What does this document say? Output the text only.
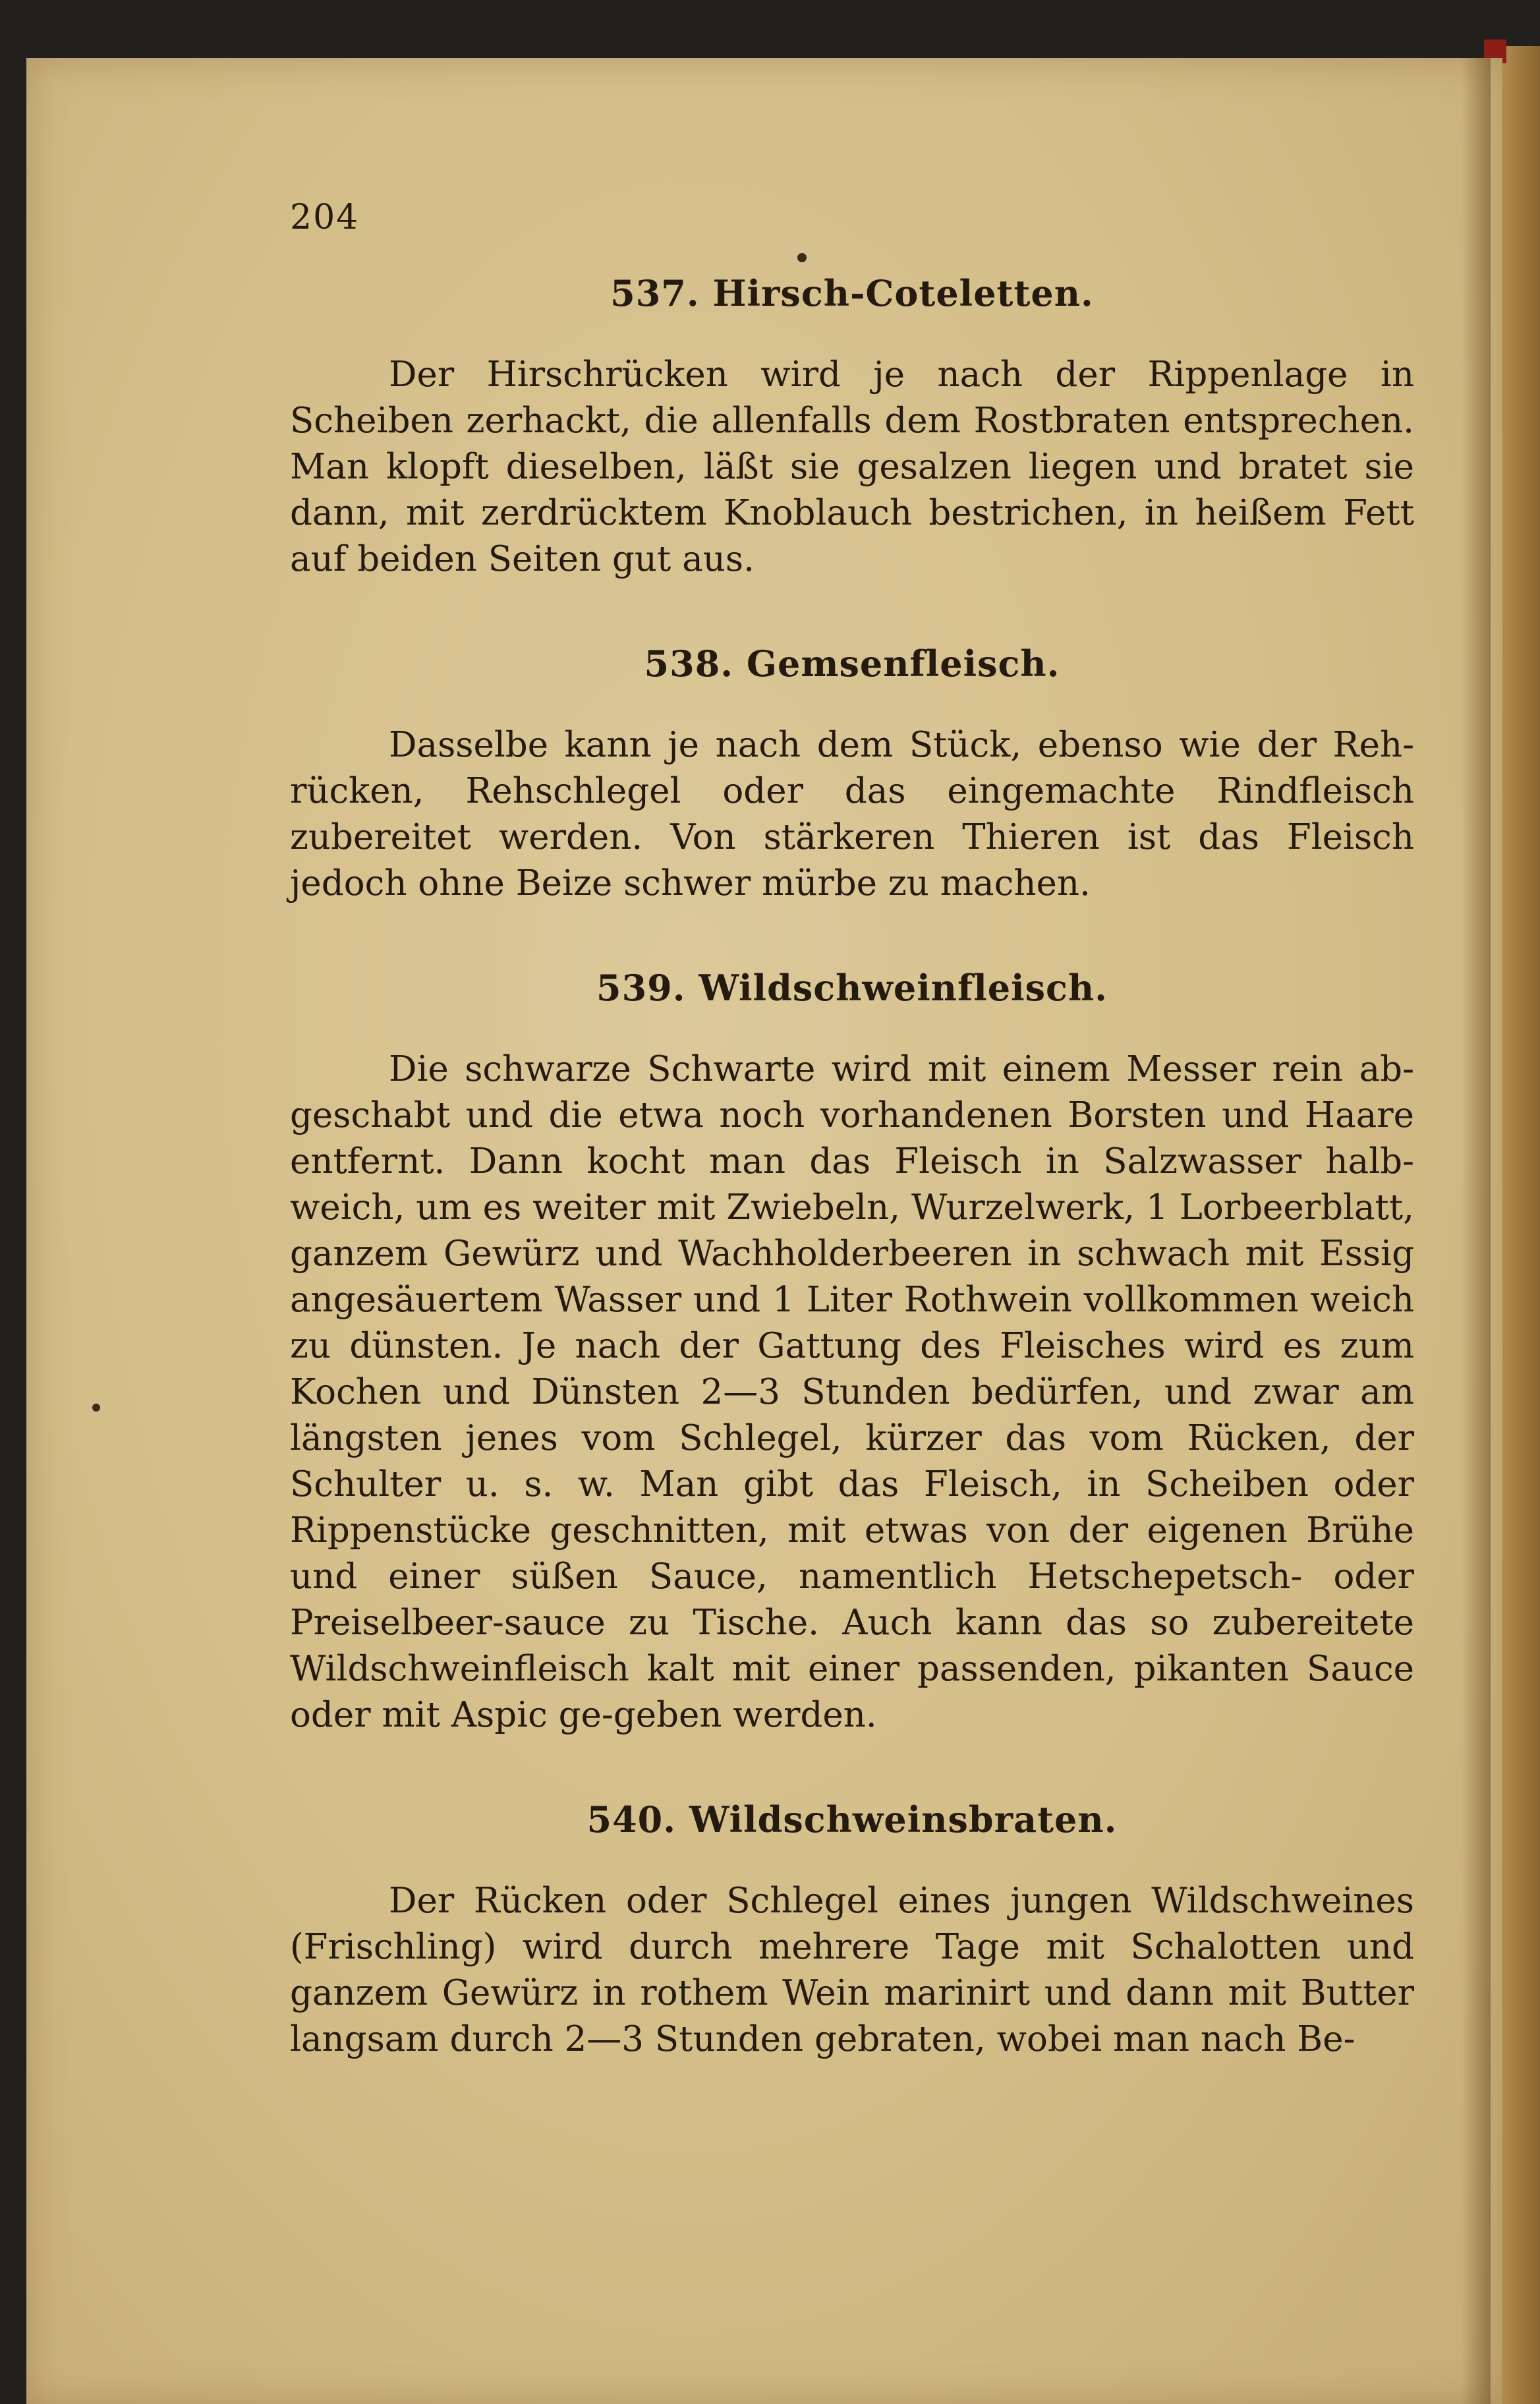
204
537. Hirsch-Coteletten.

Der Hirschrücken wird je nach der Rippenlage in Scheiben zerhackt, die allenfalls dem Rostbraten entsprechen. Man klopft dieselben, läßt sie gesalzen liegen und bratet sie dann, mit zerdrücktem Knoblauch bestrichen, in heißem Fett auf beiden Seiten gut aus.

538. Gemsenfleisch.

Dasselbe kann je nach dem Stück, ebenso wie der Reh-rücken, Rehschlegel oder das eingemachte Rindfleisch zubereitet werden. Von stärkeren Thieren ist das Fleisch jedoch ohne Beize schwer mürbe zu machen.

539. Wildschweinfleisch.

Die schwarze Schwarte wird mit einem Messer rein ab-geschabt und die etwa noch vorhandenen Borsten und Haare entfernt. Dann kocht man das Fleisch in Salzwasser halb-weich, um es weiter mit Zwiebeln, Wurzelwerk, 1 Lorbeerblatt, ganzem Gewürz und Wachholderbeeren in schwach mit Essig angesäuertem Wasser und 1 Liter Rothwein vollkommen weich zu dünsten. Je nach der Gattung des Fleisches wird es zum Kochen und Dünsten 2—3 Stunden bedürfen, und zwar am längsten jenes vom Schlegel, kürzer das vom Rücken, der Schulter u. s. w. Man gibt das Fleisch, in Scheiben oder Rippenstücke geschnitten, mit etwas von der eigenen Brühe und einer süßen Sauce, namentlich Hetschepetsch- oder Preiselbeer-sauce zu Tische. Auch kann das so zubereitete Wildschweinfleisch kalt mit einer passenden, pikanten Sauce oder mit Aspic ge-geben werden.

540. Wildschweinsbraten.

Der Rücken oder Schlegel eines jungen Wildschweines (Frischling) wird durch mehrere Tage mit Schalotten und ganzem Gewürz in rothem Wein marinirt und dann mit Butter langsam durch 2—3 Stunden gebraten, wobei man nach Be-
